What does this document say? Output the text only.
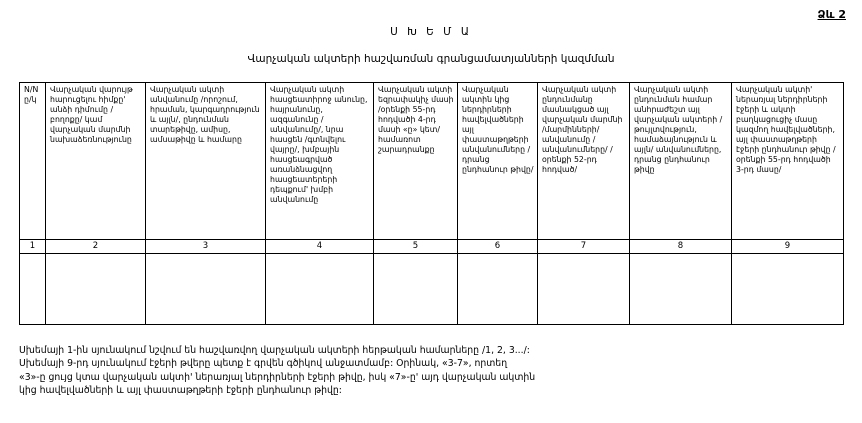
Ձև 2
Ս Խ Ե Մ Ա
Վարչական ակտերի հաշվառման գրանցամատյանների կազմման
N/N ը/կ	Վարչական վարույթ հարուցելու հիմքը' անձի դիմումը /բողոքը/ կամ վարչական մարմնի նախաձեռնությունը	Վարչական ակտի անվանումը /որոշում, հրաման, կարգադրություն և այլն/, ընդունման տարեթիվը, ամիսը, ամսաթիվը և համարը	Վարչական ակտի հասցեատիրոջ անունը, հայրանունը, ազգանունը /անվանումը/, նրա հասցեն /գտնվելու վայրը/, խմբային հասցեագրված առանձնացվող հասցեատերերի դեպքում' խմբի անվանումը	Վարչական ակտի եզրափակիչ մասի /օրենքի 55-րդ հոդվածի 4-րդ մասի «ը» կետ/ համառոտ շարադրանքը	Վարչական ակտին կից ներդիրների հավելվածների այլ փաստաթղթերի անվանումները /դրանց ընդհանուր թիվը/	Վարչական ակտի ընդունմանը մասնակցած այլ վարչական մարմնի /մարմինների/ անվանումը /անվանումները/ /օրենքի 52-րդ հոդված/	Վարչական ակտի ընդունման համար անհրաժեշտ այլ վարչական ակտերի /թույլտվություն, համաձայնություն և այլն/ անվանումները, դրանց ընդհանուր թիվը	Վարչական ակտի' ներառյալ ներդիրների էջերի և ակտի բաղկացուցիչ մասը կազմող հավելվածների, այլ փաստաթղթերի էջերի ընդհանուր թիվը /օրենքի 55-րդ հոդվածի 3-րդ մասը/
1	2	3	4	5	6	7	8	9

Սխեմայի 1-ին սյունակում նշվում են հաշվառվող վարչական ակտերի հերթական համարները /1, 2, 3.../:
Սխեմայի 9-րդ սյունակում էջերի թվերը պետք է գրվեն գծիկով անջատմամբ: Օրինակ, «3-7», որտեղ
«3»-ը ցույց կտա վարչական ակտի' ներառյալ ներդիրների էջերի թիվը, իսկ «7»-ը' այդ վարչական ակտին
կից հավելվածների և այլ փաստաթղթերի էջերի ընդհանուր թիվը:
